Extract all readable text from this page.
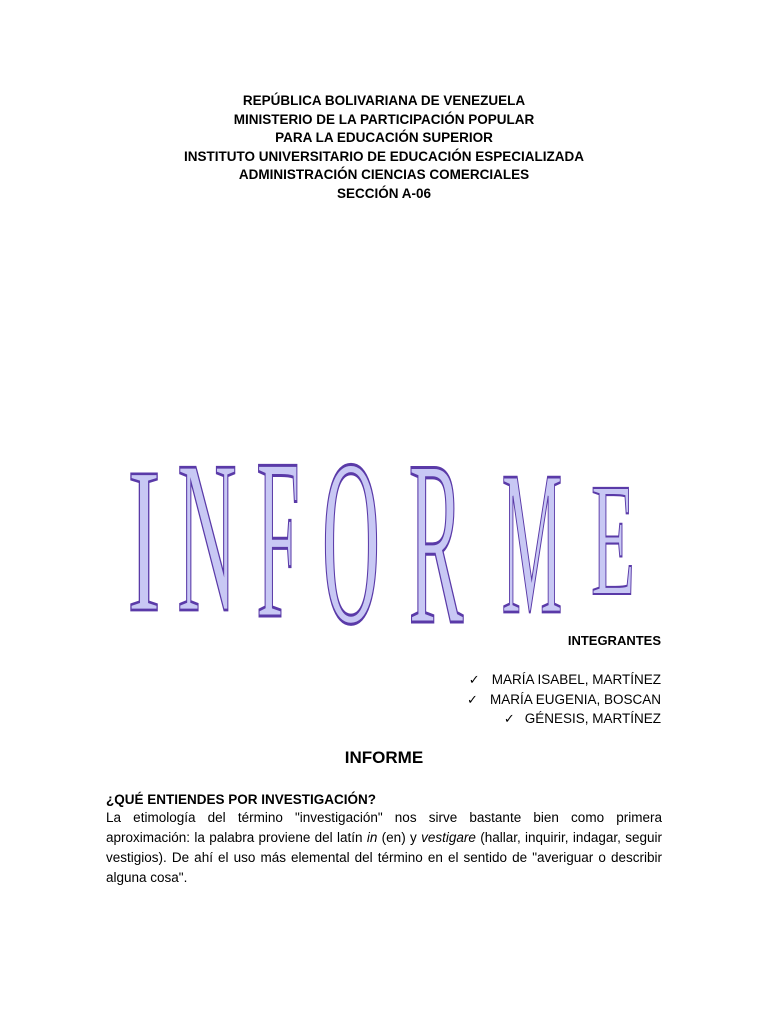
REPÚBLICA BOLIVARIANA DE VENEZUELA
MINISTERIO DE LA PARTICIPACIÓN POPULAR
PARA LA EDUCACIÓN SUPERIOR
INSTITUTO UNIVERSITARIO DE EDUCACIÓN ESPECIALIZADA
ADMINISTRACIÓN CIENCIAS COMERCIALES
SECCIÓN A-06
I N F O R M E
INTEGRANTES
✓ MARÍA ISABEL, MARTÍNEZ
✓ MARÍA EUGENIA, BOSCAN
✓ GÉNESIS, MARTÍNEZ
INFORME
¿QUÉ ENTIENDES POR INVESTIGACIÓN?
La etimología del término "investigación" nos sirve bastante bien como primera aproximación: la palabra proviene del latín in (en) y vestigare (hallar, inquirir, indagar, seguir vestigios). De ahí el uso más elemental del término en el sentido de "averiguar o describir alguna cosa".
